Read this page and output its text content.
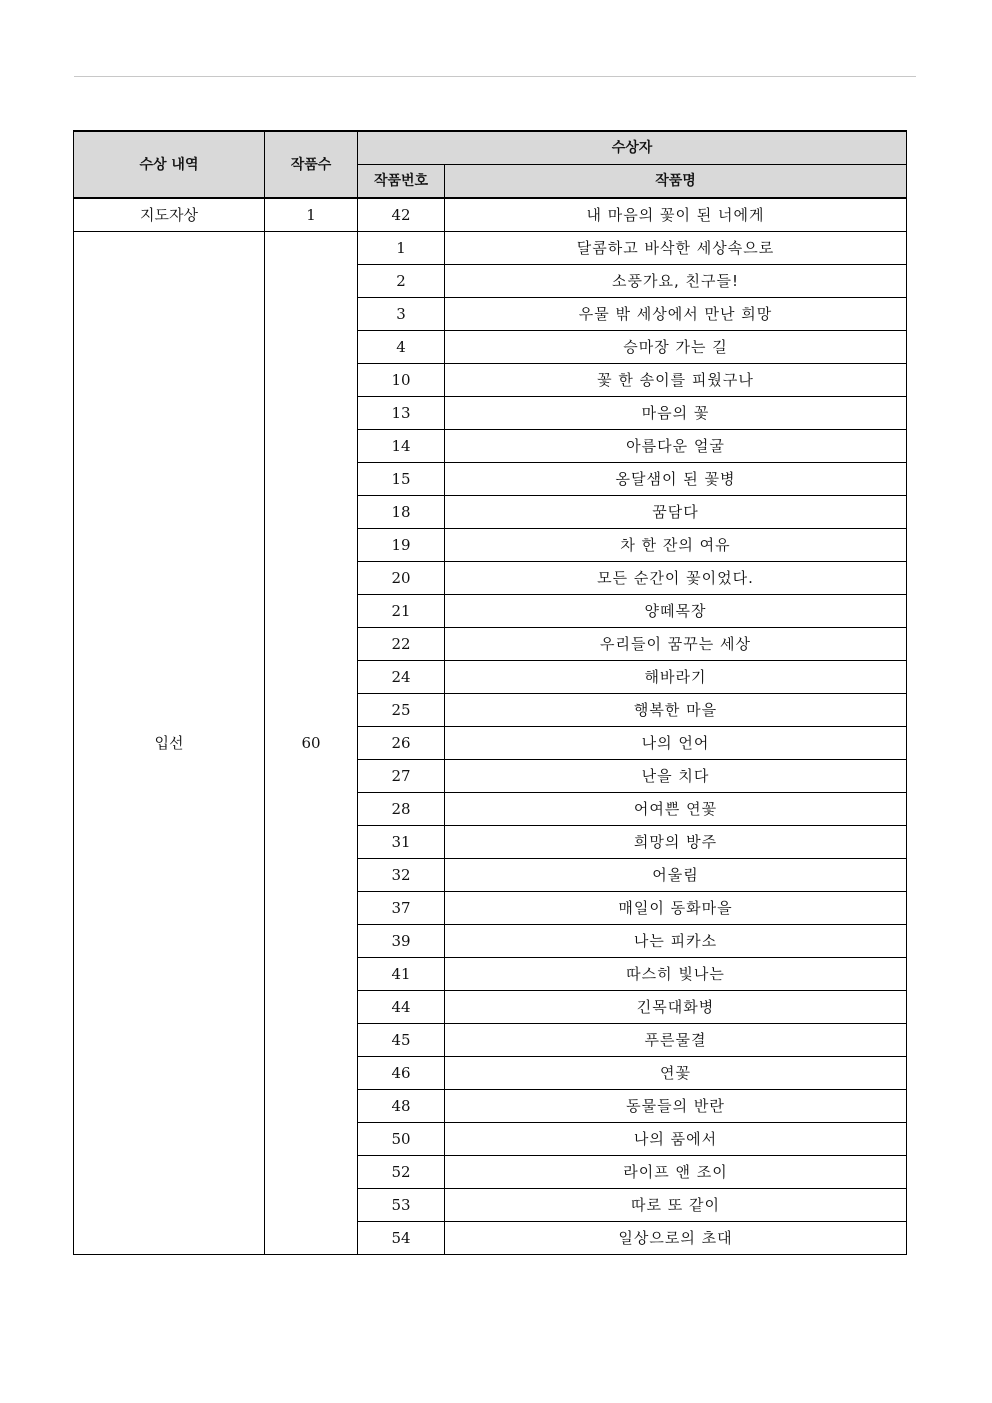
수상 내역	작품수	수상자	
		작품번호	작품명
지도자상	1	42	내 마음의 꽃이 된 너에게
입선	60	1	달콤하고 바삭한 세상속으로
		2	소풍가요, 친구들!
		3	우물 밖 세상에서 만난 희망
		4	승마장 가는 길
		10	꽃 한 송이를 피웠구나
		13	마음의 꽃
		14	아름다운 얼굴
		15	옹달샘이 된 꽃병
		18	꿈담다
		19	차 한 잔의 여유
		20	모든 순간이 꽃이었다.
		21	양떼목장
		22	우리들이 꿈꾸는 세상
		24	해바라기
		25	행복한 마을
		26	나의 언어
		27	난을 치다
		28	어여쁜 연꽃
		31	희망의 방주
		32	어울림
		37	매일이 동화마을
		39	나는 피카소
		41	따스히 빛나는
		44	긴목대화병
		45	푸른물결
		46	연꽃
		48	동물들의 반란
		50	나의 품에서
		52	라이프 앤 조이
		53	따로 또 같이
		54	일상으로의 초대
